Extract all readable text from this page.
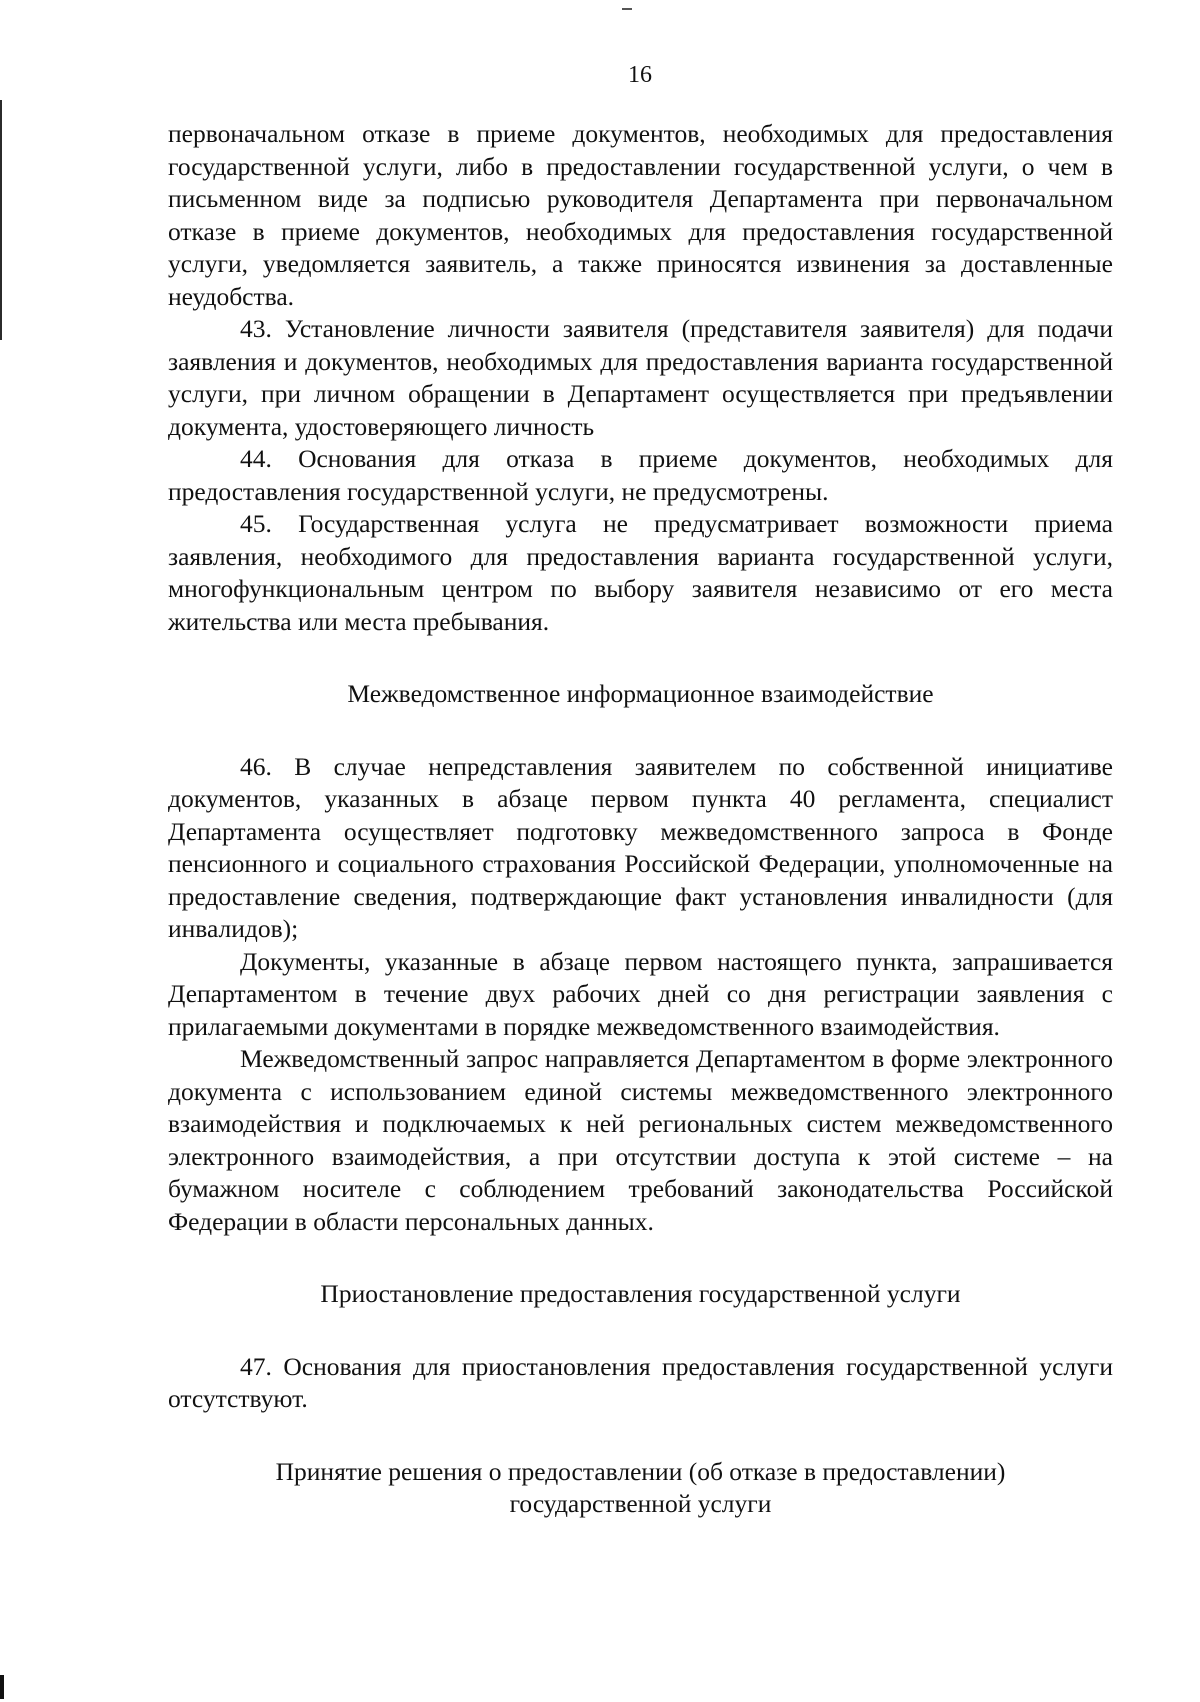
16

первоначальном отказе в приеме документов, необходимых для предоставления государственной услуги, либо в предоставлении государственной услуги, о чем в письменном виде за подписью руководителя Департамента при первоначальном отказе в приеме документов, необходимых для предоставления государственной услуги, уведомляется заявитель, а также приносятся извинения за доставленные неудобства.

43. Установление личности заявителя (представителя заявителя) для подачи заявления и документов, необходимых для предоставления варианта государственной услуги, при личном обращении в Департамент осуществляется при предъявлении документа, удостоверяющего личность

44. Основания для отказа в приеме документов, необходимых для предоставления государственной услуги, не предусмотрены.

45. Государственная услуга не предусматривает возможности приема заявления, необходимого для предоставления варианта государственной услуги, многофункциональным центром по выбору заявителя независимо от его места жительства или места пребывания.

Межведомственное информационное взаимодействие

46. В случае непредставления заявителем по собственной инициативе документов, указанных в абзаце первом пункта 40 регламента, специалист Департамента осуществляет подготовку межведомственного запроса в Фонде пенсионного и социального страхования Российской Федерации, уполномоченные на предоставление сведения, подтверждающие факт установления инвалидности (для инвалидов);

Документы, указанные в абзаце первом настоящего пункта, запрашивается Департаментом в течение двух рабочих дней со дня регистрации заявления с прилагаемыми документами в порядке межведомственного взаимодействия.

Межведомственный запрос направляется Департаментом в форме электронного документа с использованием единой системы межведомственного электронного взаимодействия и подключаемых к ней региональных систем межведомственного электронного взаимодействия, а при отсутствии доступа к этой системе – на бумажном носителе с соблюдением требований законодательства Российской Федерации в области персональных данных.

Приостановление предоставления государственной услуги

47. Основания для приостановления предоставления государственной услуги отсутствуют.

Принятие решения о предоставлении (об отказе в предоставлении)

государственной услуги
